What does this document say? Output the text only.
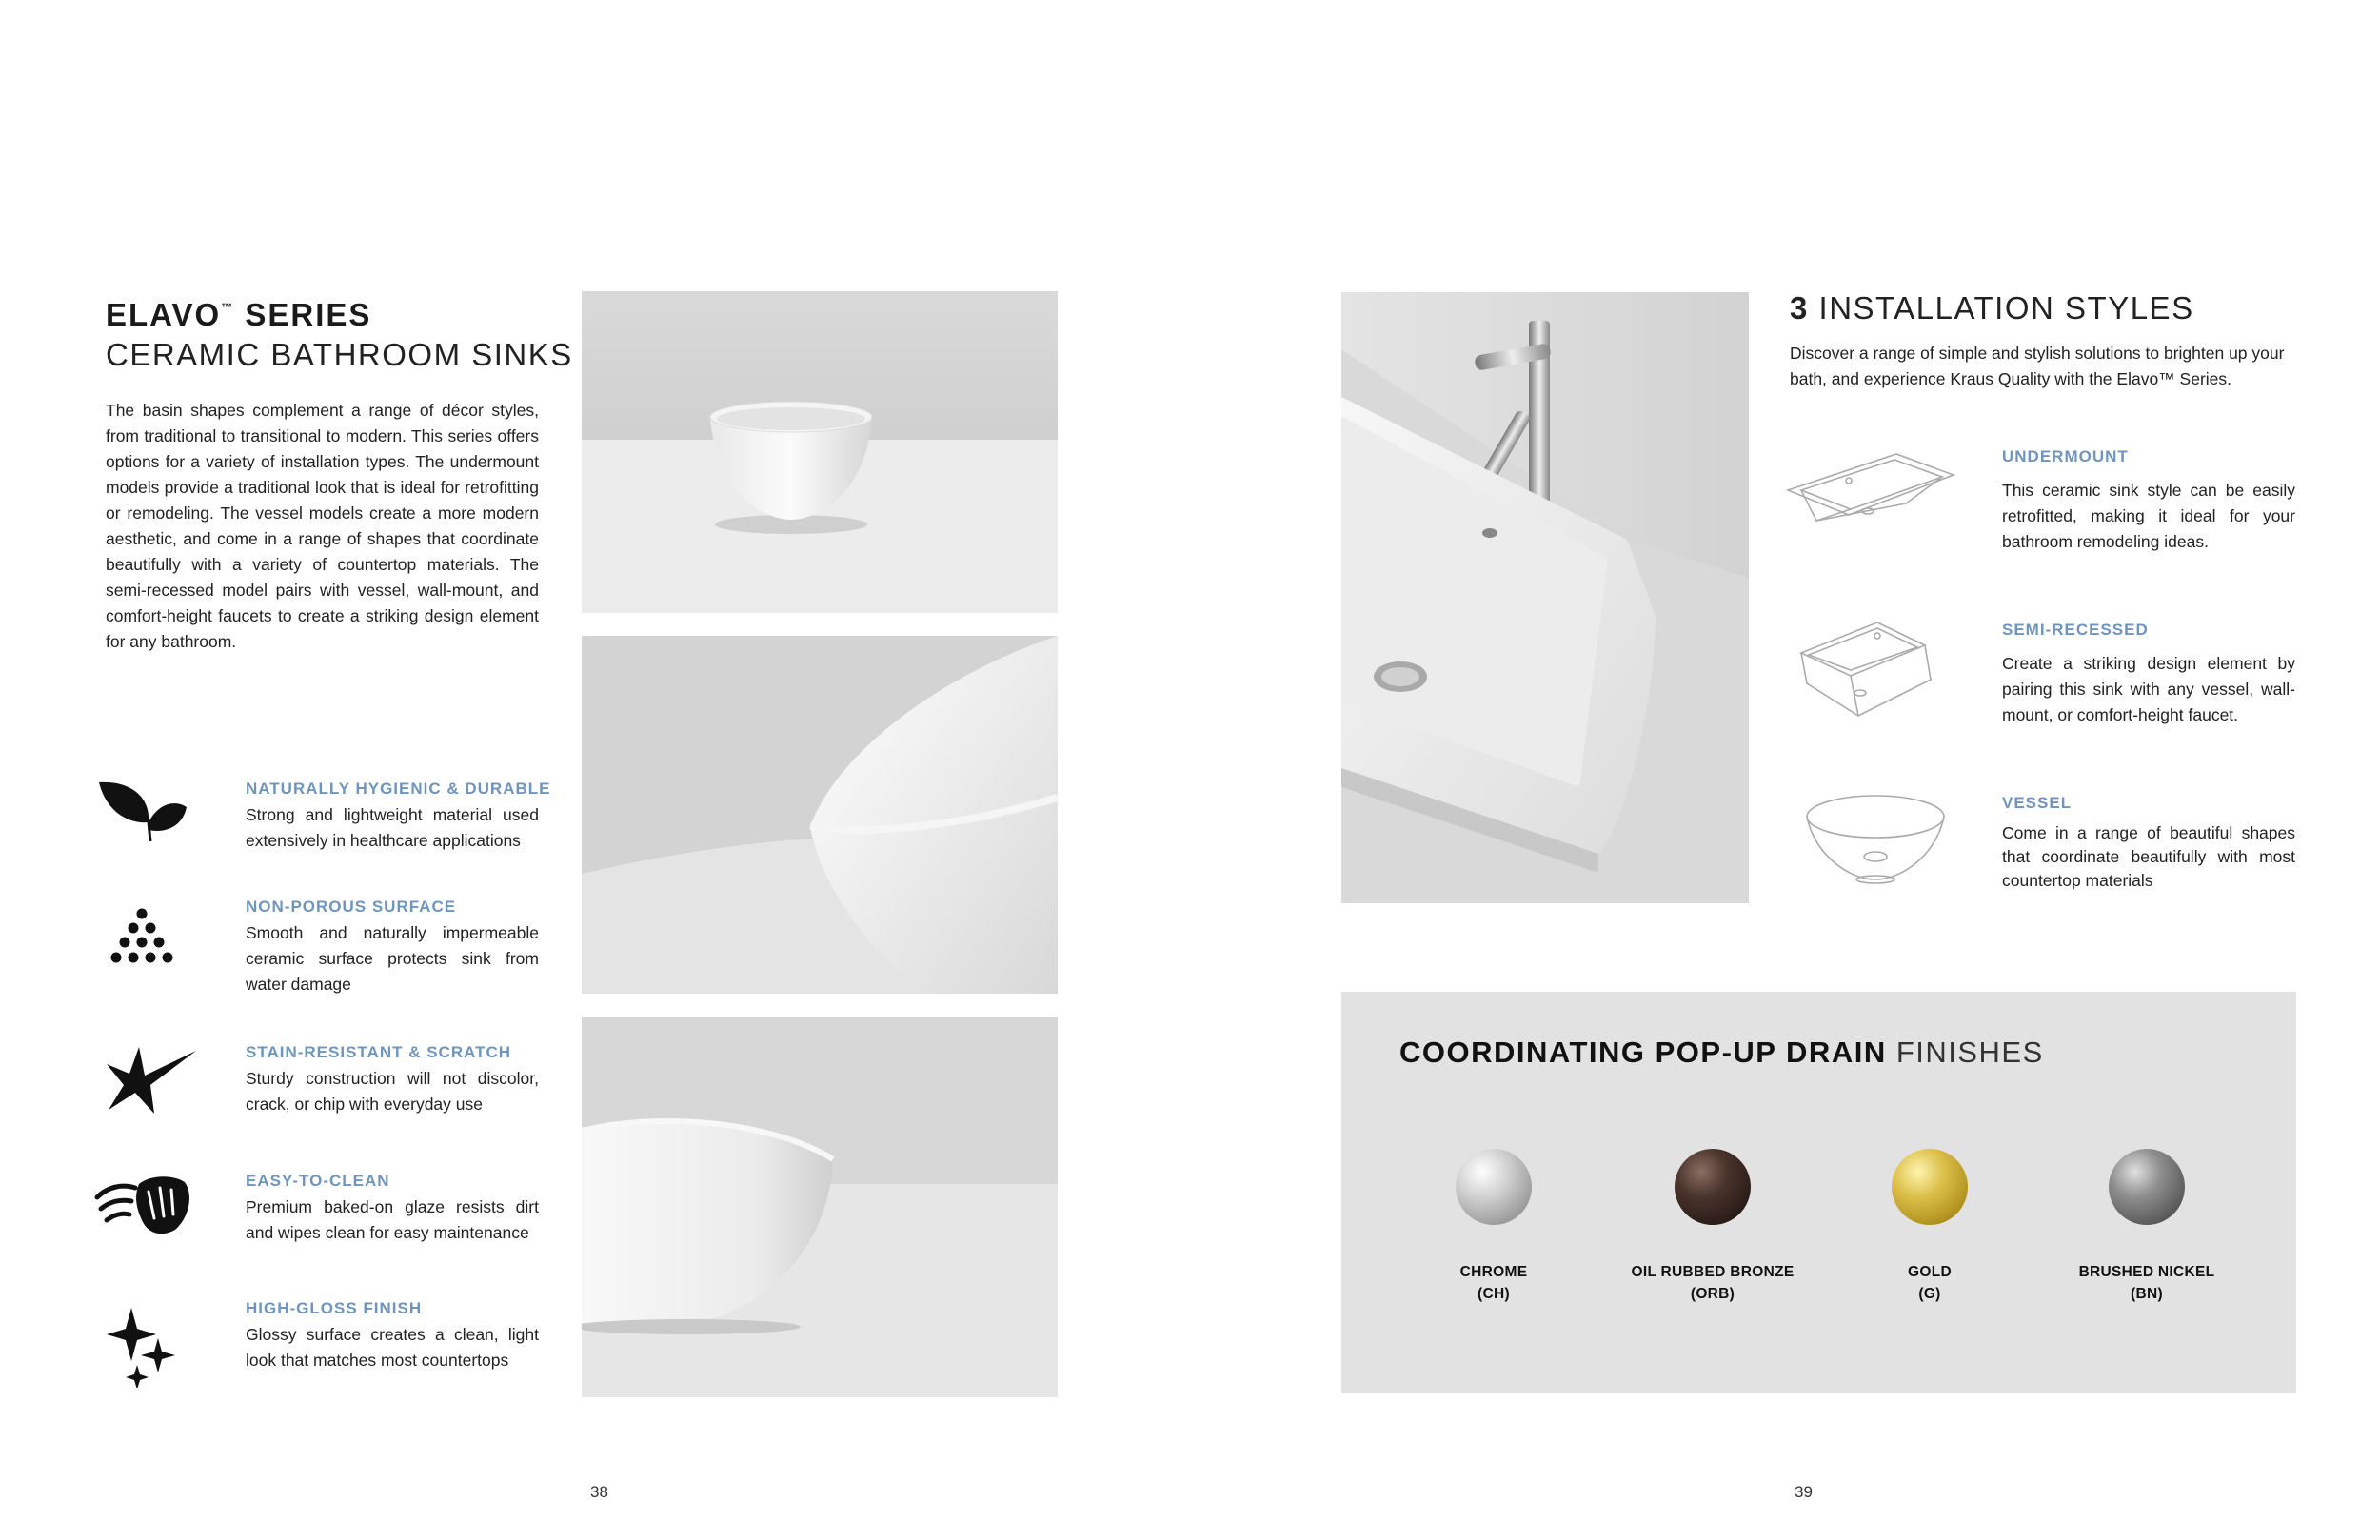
ELAVO™ SERIES
CERAMIC BATHROOM SINKS
The basin shapes complement a range of décor styles, from traditional to transitional to modern. This series offers options for a variety of installation types. The undermount models provide a traditional look that is ideal for retrofitting or remodeling. The vessel models create a more modern aesthetic, and come in a range of shapes that coordinate beautifully with a variety of countertop materials. The semi-recessed model pairs with vessel, wall-mount, and comfort-height faucets to create a striking design element for any bathroom.
NATURALLY HYGIENIC & DURABLE
Strong and lightweight material used extensively in healthcare applications
NON-POROUS SURFACE
Smooth and naturally impermeable ceramic surface protects sink from water damage
STAIN-RESISTANT & SCRATCH
Sturdy construction will not discolor, crack, or chip with everyday use
EASY-TO-CLEAN
Premium baked-on glaze resists dirt and wipes clean for easy maintenance
HIGH-GLOSS FINISH
Glossy surface creates a clean, light look that matches most countertops
38
3 INSTALLATION STYLES
Discover a range of simple and stylish solutions to brighten up your bath, and experience Kraus Quality with the Elavo™ Series.
UNDERMOUNT
This ceramic sink style can be easily retrofitted, making it ideal for your bathroom remodeling ideas.
SEMI-RECESSED
Create a striking design element by pairing this sink with any vessel, wall-mount, or comfort-height faucet.
VESSEL
Come in a range of beautiful shapes that coordinate beautifully with most countertop materials
COORDINATING POP-UP DRAIN FINISHES
CHROME
(CH)
OIL RUBBED BRONZE
(ORB)
GOLD
(G)
BRUSHED NICKEL
(BN)
39
